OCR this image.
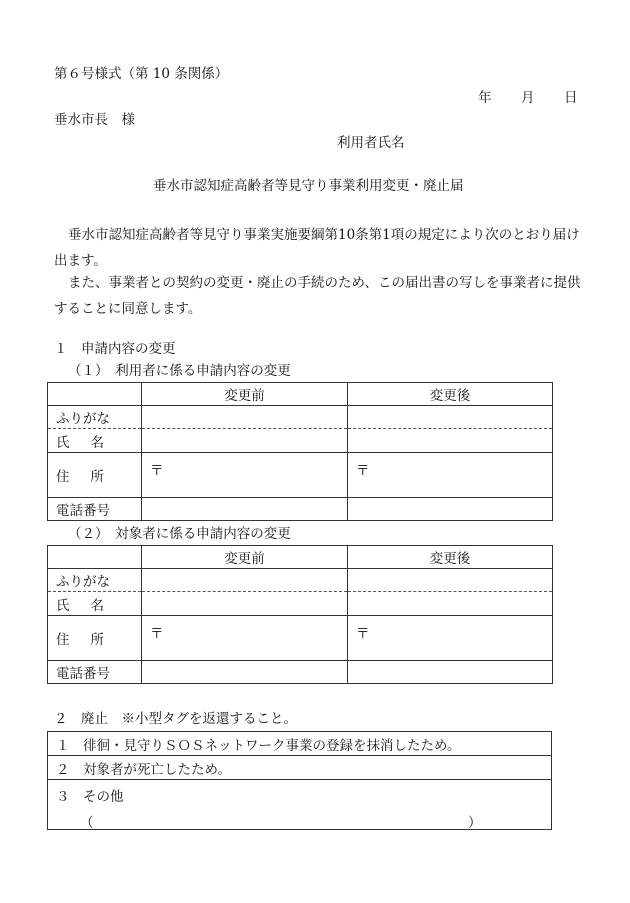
第６号様式（第 10 条関係）
年 月 日
垂水市長　様
利用者氏名
垂水市認知症高齢者等見守り事業利用変更・廃止届
垂水市認知症高齢者等見守り事業実施要綱第10条第1項の規定により次のとおり届け出ます。
また、事業者との契約の変更・廃止の手続のため、この届出書の写しを事業者に提供することに同意します。
１　申請内容の変更
（１）　利用者に係る申請内容の変更
	変更前	変更後
ふりがな		

氏 名		

住 所	〒	〒
電話番号		
（２）　対象者に係る申請内容の変更
	変更前	変更後
ふりがな		

氏 名		

住 所	〒	〒
電話番号		
２　廃止　※小型タグを返還すること。
１　徘徊・見守りＳＯＳネットワーク事業の登録を抹消したため。
２　対象者が死亡したため。

３　その他
（	）
